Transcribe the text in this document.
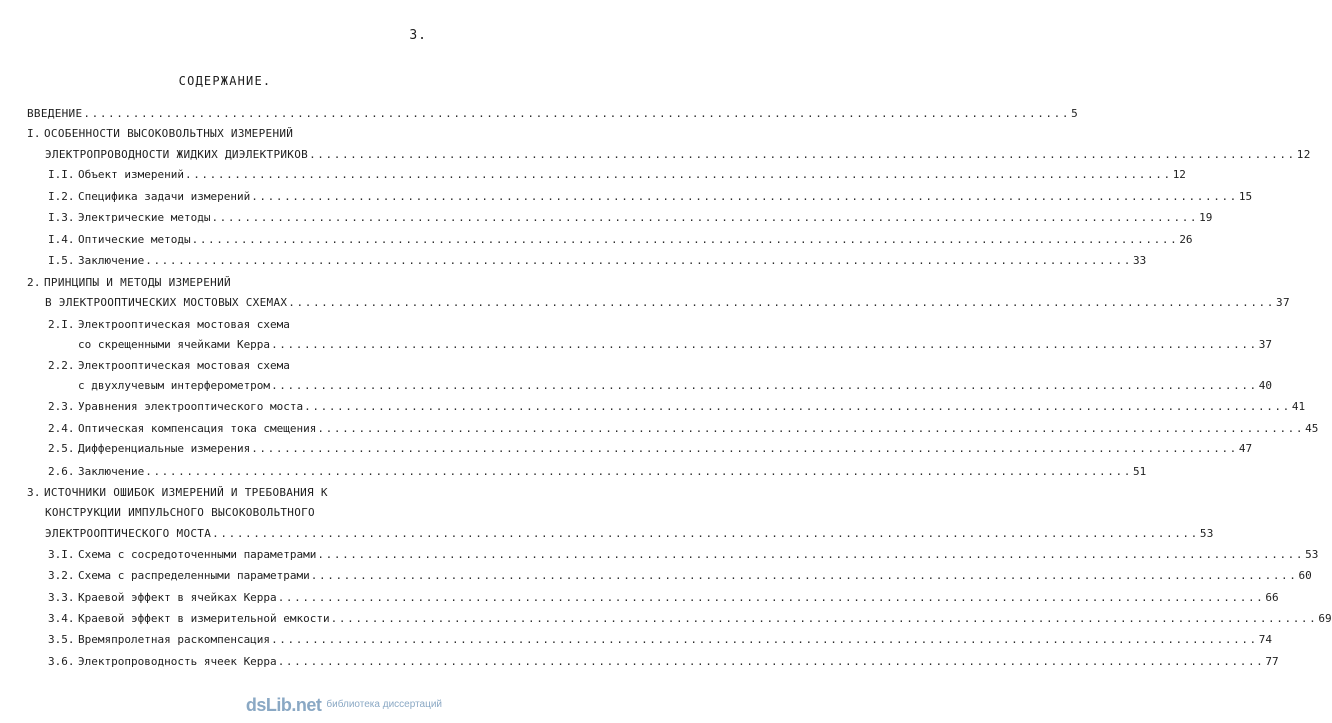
3.
СОДЕРЖАНИЕ.
ВВЕДЕНИЕ ........................................................................................................................ 5
I. ОСОБЕННОСТИ ВЫСОКОВОЛЬТНЫХ ИЗМЕРЕНИЙ
ЭЛЕКТРОПРОВОДНОСТИ ЖИДКИХ ДИЭЛЕКТРИКОВ ........................................................................................................................ 12
I.I. Объект измерений ........................................................................................................................ 12
I.2. Специфика задачи измерений ........................................................................................................................ 15
I.3. Электрические методы ........................................................................................................................ 19
I.4. Оптические методы ........................................................................................................................ 26
I.5. Заключение ........................................................................................................................ 33
2. ПРИНЦИПЫ И МЕТОДЫ ИЗМЕРЕНИЙ
В ЭЛЕКТРООПТИЧЕСКИХ МОСТОВЫХ СХЕМАХ ........................................................................................................................ 37
2.I. Электрооптическая мостовая схема
со скрещенными ячейками Керра ........................................................................................................................ 37
2.2. Электрооптическая мостовая схема
с двухлучевым интерферометром ........................................................................................................................ 40
2.3. Уравнения электрооптического моста ........................................................................................................................ 41
2.4. Оптическая компенсация тока смещения ........................................................................................................................ 45
2.5. Дифференциальные измерения ........................................................................................................................ 47
2.6. Заключение ........................................................................................................................ 51
3. ИСТОЧНИКИ ОШИБОК ИЗМЕРЕНИЙ И ТРЕБОВАНИЯ К
КОНСТРУКЦИИ ИМПУЛЬСНОГО ВЫСОКОВОЛЬТНОГО
ЭЛЕКТРООПТИЧЕСКОГО МОСТА ........................................................................................................................ 53
3.I. Схема с сосредоточенными параметрами ........................................................................................................................ 53
3.2. Схема с распределенными параметрами ........................................................................................................................ 60
3.3. Краевой эффект в ячейках Керра ........................................................................................................................ 66
3.4. Краевой эффект в измерительной емкости ........................................................................................................................ 69
3.5. Времяпролетная раскомпенсация ........................................................................................................................ 74
3.6. Электропроводность ячеек Керра ........................................................................................................................ 77
dsLib.net библиотека диссертаций
